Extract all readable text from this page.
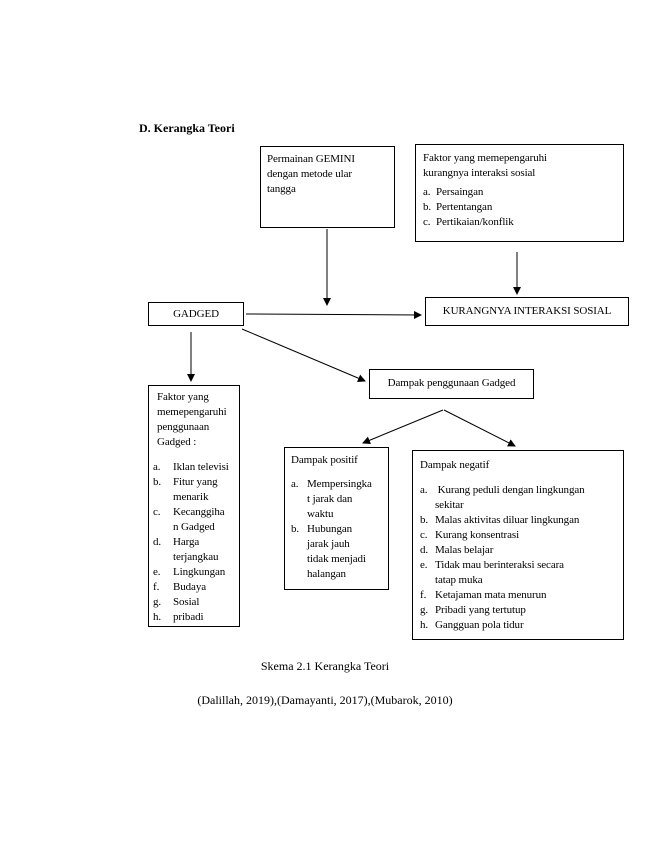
D. Kerangka Teori
Permainan GEMINI
dengan metode ular
tangga
Faktor yang memepengaruhi
kurangnya interaksi sosial
a. Persaingan
b. Pertentangan
c. Pertikaian/konflik
GADGED	KURANGNYA INTERAKSI SOSIAL
Dampak penggunaan Gadged
Faktor yang
memepengaruhi
penggunaan
Gadged :
a. Iklan televisi
b. Fitur yang
menarik
c. Kecanggiha
n Gadged
d. Harga
terjangkau
e. Lingkungan
f. Budaya
g. Sosial
h. pribadi
Dampak positif
a. Mempersingka
t jarak dan
waktu
b. Hubungan
jarak jauh
tidak menjadi
halangan
Dampak negatif
a. Kurang peduli dengan lingkungan
sekitar
b. Malas aktivitas diluar lingkungan
c. Kurang konsentrasi
d. Malas belajar
e. Tidak mau berinteraksi secara
tatap muka
f. Ketajaman mata menurun
g. Pribadi yang tertutup
h. Gangguan pola tidur
Skema 2.1 Kerangka Teori
(Dalillah, 2019),(Damayanti, 2017),(Mubarok, 2010)
